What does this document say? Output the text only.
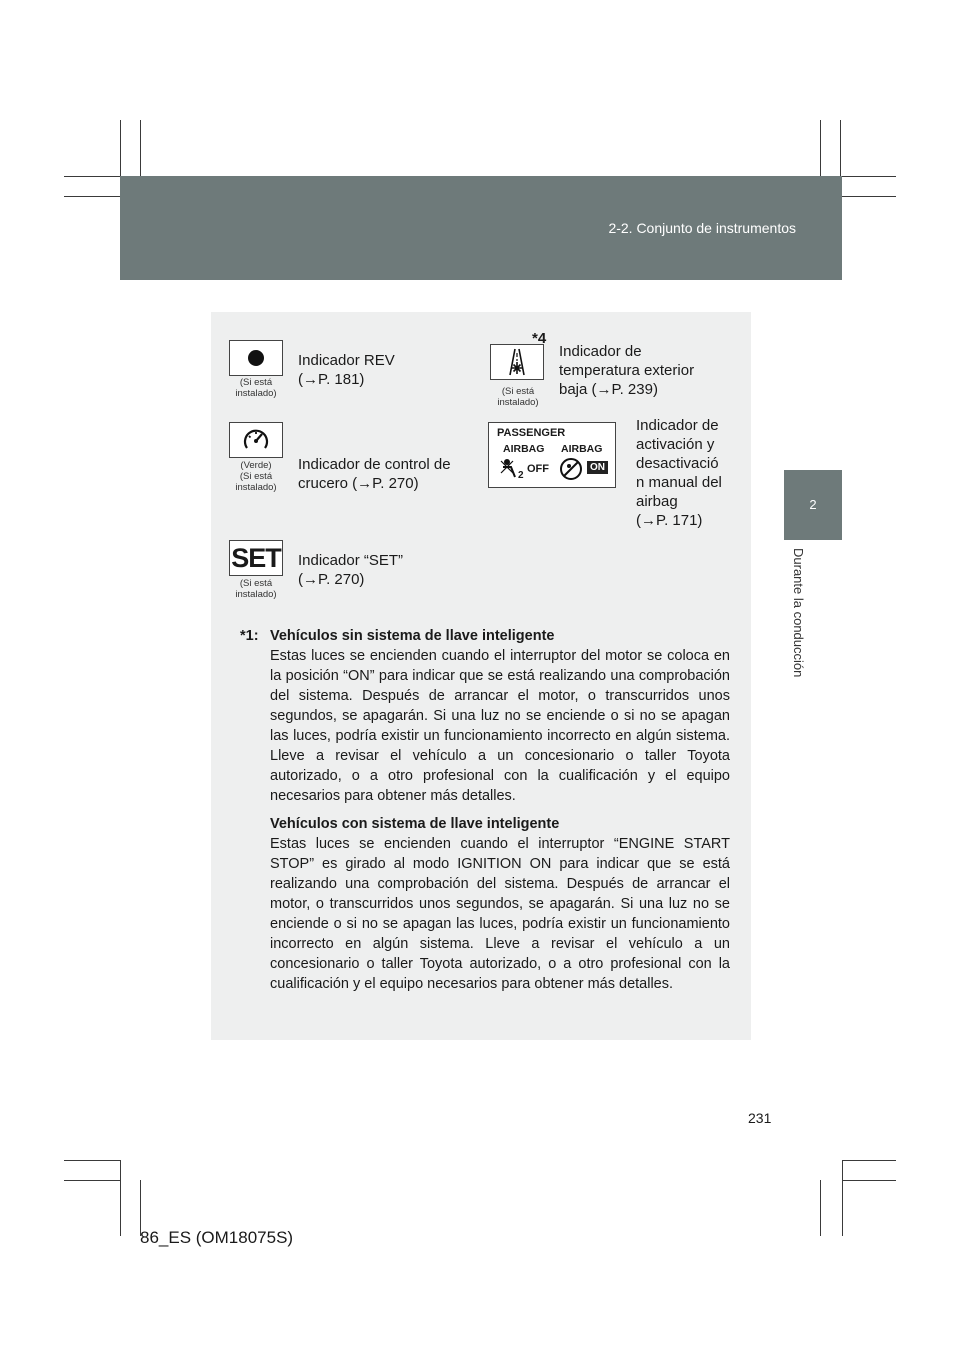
2-2. Conjunto de instrumentos
2
Durante la conducción
(Si está
instalado)
Indicador REV
(→P. 181)
*4
(Si está
instalado)
Indicador de
temperatura exterior
baja (→P. 239)
(Verde)
(Si está
instalado)
Indicador de control de
crucero (→P. 270)
PASSENGER
AIRBAG AIRBAG
OFF
2
ON
Indicador de
activación y
desactivació
n manual del
airbag
(→P. 171)
SET
(Si está
instalado)
Indicador “SET”
(→P. 270)
*1: Vehículos sin sistema de llave inteligente
Estas luces se encienden cuando el interruptor del motor se coloca en la posición “ON” para indicar que se está realizando una comprobación del sistema. Después de arrancar el motor, o transcurridos unos segundos, se apagarán. Si una luz no se enciende o si no se apagan las luces, podría existir un funcionamiento incorrecto en algún sistema. Lleve a revisar el vehículo a un concesionario o taller Toyota autorizado, o a otro profesional con la cualificación y el equipo necesarios para obtener más detalles.

Vehículos con sistema de llave inteligente
Estas luces se encienden cuando el interruptor “ENGINE START STOP” es girado al modo IGNITION ON para indicar que se está realizando una comprobación del sistema. Después de arrancar el motor, o transcurridos unos segundos, se apagarán. Si una luz no se enciende o si no se apagan las luces, podría existir un funcionamiento incorrecto en algún sistema. Lleve a revisar el vehículo a un concesionario o taller Toyota autorizado, o a otro profesional con la cualificación y el equipo necesarios para obtener más detalles.

231
86_ES (OM18075S)
